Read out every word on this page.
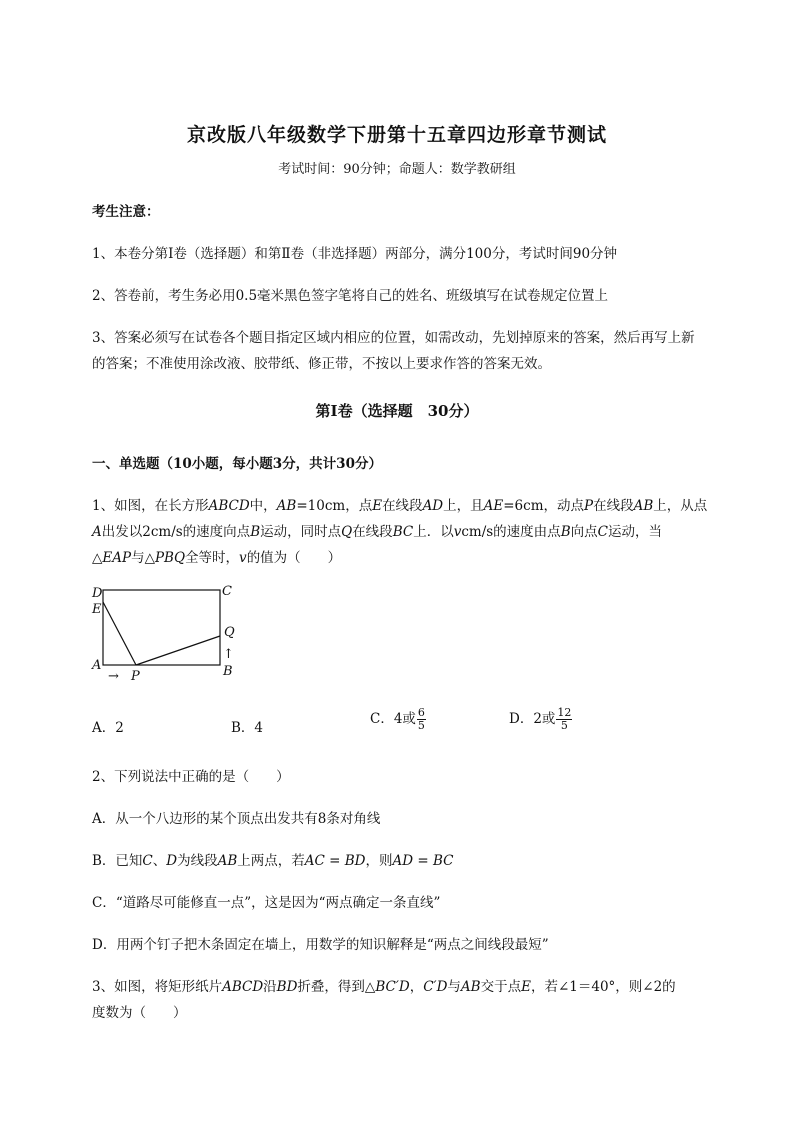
京改版八年级数学下册第十五章四边形章节测试
考试时间：90分钟；命题人：数学教研组
考生注意：
1、本卷分第I卷（选择题）和第Ⅱ卷（非选择题）两部分，满分100分，考试时间90分钟
2、答卷前，考生务必用0.5毫米黑色签字笔将自己的姓名、班级填写在试卷规定位置上
3、答案必须写在试卷各个题目指定区域内相应的位置，如需改动，先划掉原来的答案，然后再写上新
的答案；不准使用涂改液、胶带纸、修正带，不按以上要求作答的答案无效。
第I卷（选择题　30分）
一、单选题（10小题，每小题3分，共计30分）
1、如图，在长方形ABCD中，AB=10cm，点E在线段AD上，且AE=6cm，动点P在线段AB上，从点
A出发以2cm/s的速度向点B运动，同时点Q在线段BC上．以vcm/s的速度由点B向点C运动，当
△EAP与△PBQ全等时，v的值为（　　）
D
E
A
C
Q
B
P
→
↑
A．2	B．4
C．4或 $\frac{6}{5}$	D．2或 $\frac{12}{5}$
2、下列说法中正确的是（　　）
A．从一个八边形的某个顶点出发共有8条对角线
B．已知C、D为线段AB上两点，若AC = BD，则AD = BC
C．“道路尽可能修直一点”，这是因为“两点确定一条直线”
D．用两个钉子把木条固定在墙上，用数学的知识解释是“两点之间线段最短”
3、如图，将矩形纸片ABCD沿BD折叠，得到△BC′D，C′D与AB交于点E，若∠1＝40°，则∠2的
度数为（　　）
